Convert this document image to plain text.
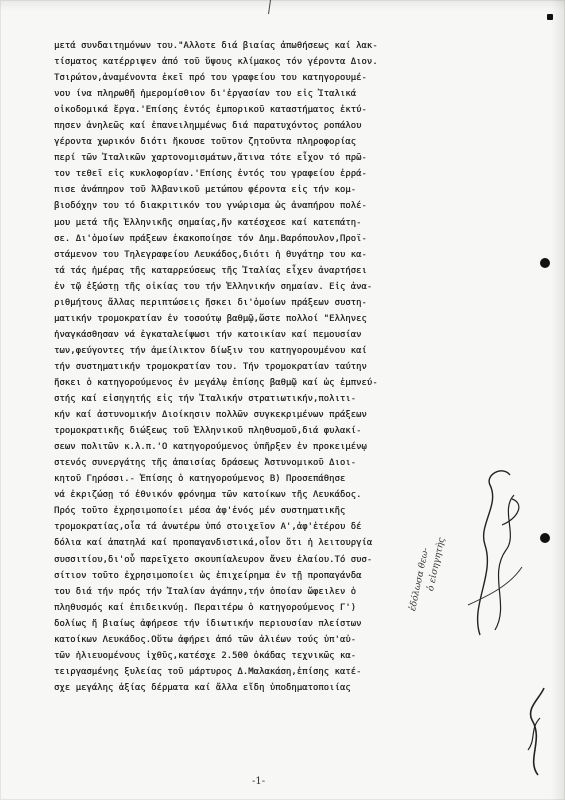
μετά συνδαιτημόνων του."Αλλοτε διά βιαίας ἀπωθήσεως καί λακ-
τίσματος κατέρριψεν ἀπό τοῦ ὕψους κλίμακος τόν γέροντα Διον.
Τσιρώτον,ἀναμένοντα ἐκεῖ πρό του γραφείου του κατηγορουμέ-
νου ίνα πληρωθῆ ἡμερομίσθιον δι'ἐργασίαν του εἰς Ἰταλικά
οἰκοδομικά ἔργα.'Επίσης ἐντός ἐμπορικοῦ καταστήματος ἐκτύ-
πησεν ἀνηλεῶς καί ἐπανειλημμένως διά παρατυχόντος ροπάλου
γέροντα χωρικόν διότι ἤκουσε τοῦτον ζητοῦντα πληροφορίας
περί τῶν Ἰταλικῶν χαρτονομισμάτων,ἅτινα τότε εἶχον τό πρῶ-
τον τεθεῖ εἰς κυκλοφορίαν.'Επίσης ἐντός του γραφείου ἐρρά-
πισε ἀνάπηρον τοῦ Ἀλβανικοῦ μετώπου φέροντα εἰς τήν κομ-
βιοδόχην του τό διακριτικόν του γνώρισμα ὡς ἀναπήρου πολέ-
μου μετά τῆς Ἑλληνικῆς σημαίας,ἥν κατέσχεσε καί κατεπάτη-
σε. Δι'ὁμοίων πράξεων ἐκακοποίησε τόν Δημ.Βαρόπουλον,Προϊ-
στάμενον του Τηλεγραφείου Λευκάδος,διότι ἡ θυγάτηρ του κα-
τά τάς ἡμέρας τῆς καταρρεύσεως τῆς Ἰταλίας εἶχεν ἀναρτήσει
ἐν τῷ ἐξώστῃ τῆς οἰκίας του τήν Ἑλληνικήν σημαίαν. Εἰς ἀνα-
ριθμήτους ἄλλας περιπτώσεις ἤσκει δι'ὁμοίων πράξεων συστη-
ματικήν τρομοκρατίαν ἐν τοσούτῳ βαθμῷ,ὥστε πολλοί "Ελληνες
ἠναγκάσθησαν νά ἐγκαταλείψωσι τήν κατοικίαν καί πεμουσίαν
των,φεύγοντες τήν ἀμείλικτον δίωξιν του κατηγορουμένου καί
τήν συστηματικήν τρομοκρατίαν του. Τήν τρομοκρατίαν ταύτην
ἤσκει ὁ κατηγορούμενος ἐν μεγάλῳ ἐπίσης βαθμῷ καί ὡς ἐμπνεύ-
στής καί εἰσηγητής εἰς τήν Ἰταλικήν στρατιωτικήν,πολιτι-
κήν καί ἀστυνομικήν Διοίκησιν πολλῶν συγκεκριμένων πράξεων
τρομοκρατικῆς διώξεως τοῦ Ἑλληνικοῦ πληθυσμοῦ,διά φυλακί-
σεων πολιτῶν κ.λ.π.'Ο κατηγορούμενος ὑπῆρξεν ἐν προκειμένῳ
στενός συνεργάτης τῆς ἀπαισίας δράσεως Ἀστυνομικοῦ Διοι-
κητοῦ Γηρόσσι.- Ἐπίσης ὁ κατηγορούμενος Β) Προσεπάθησε
νά ἐκριζώσῃ τό ἐθνικόν φρόνημα τῶν κατοίκων τῆς Λευκάδος.
Πρός τοῦτο ἐχρησιμοποίει μέσα ἀφ'ἑνός μέν συστηματικῆς
τρομοκρατίας,οἷα τά ἀνωτέρω ὑπό στοιχεῖον Α',ἀφ'ἑτέρου δέ
δόλια καί ἀπατηλά καί προπαγανδιστικά,οἷον ὅτι ἡ λειτουργία
συσσιτίου,δι'οὗ παρεῖχετο σκουπίαλευρον ἄνευ ἐλαίου.Τό συσ-
σίτιον τοῦτο ἐχρησιμοποίει ὡς ἐπιχείρημα ἐν τῇ προπαγάνδα
του διά τήν πρός τήν Ἰταλίαν ἀγάπην,τήν ὁποίαν ὤφειλεν ὁ
πληθυσμός καί ἐπιδεικνύῃ. Περαιτέρω ὁ κατηγορούμενος Γ')
δολίως ἤ βιαίως ἀφήρεσε τήν ἰδιωτικήν περιουσίαν πλείστων
κατοίκων Λευκάδος.Οὕτω ἀφήρει ἀπό τῶν ἁλιέων τούς ὑπ'αὐ-
τῶν ἡλιευομένους ἰχθῦς,κατέσχε 2.500 ὀκάδας τεχνικῶς κα-
τειργασμένης ξυλείας τοῦ μάρτυρος Δ.Μαλακάση,ἐπίσης κατέ-
σχε μεγάλης ἀξίας δέρματα καί ἄλλα εἴδη ὑποδηματοποιίας
ἐδόλωσα θεω-
ὁ εἰσηγητὴς
-1-
